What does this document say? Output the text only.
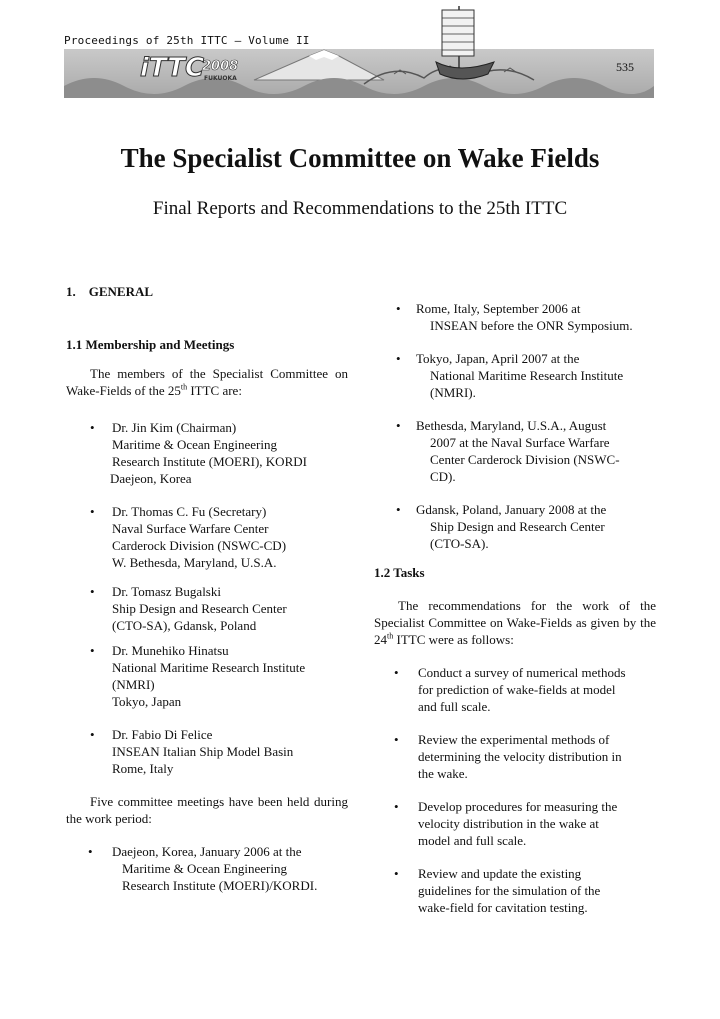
Proceedings of 25th ITTC – Volume II
iTTC
2008
FUKUOKA
535
The Specialist Committee on Wake Fields
Final Reports and Recommendations to the 25th ITTC
1.    GENERAL
1.1 Membership and Meetings
The members of the Specialist Committee on Wake-Fields of the 25th ITTC are:
• Dr. Jin Kim (Chairman)
Maritime & Ocean Engineering
Research Institute (MOERI), KORDI
Daejeon, Korea
• Dr. Thomas C. Fu (Secretary)
Naval Surface Warfare Center
Carderock Division (NSWC-CD)
W. Bethesda, Maryland, U.S.A.
• Dr. Tomasz Bugalski
Ship Design and Research Center
(CTO-SA), Gdansk, Poland
• Dr. Munehiko Hinatsu
National Maritime Research Institute
(NMRI)
Tokyo, Japan
• Dr. Fabio Di Felice
INSEAN Italian Ship Model Basin
Rome, Italy
Five committee meetings have been held during the work period:
• Daejeon, Korea, January 2006 at the
Maritime & Ocean Engineering
Research Institute (MOERI)/KORDI.
• Rome, Italy, September 2006 at
INSEAN before the ONR Symposium.
• Tokyo, Japan, April 2007 at the
National Maritime Research Institute
(NMRI).
• Bethesda, Maryland, U.S.A., August
2007 at the Naval Surface Warfare
Center Carderock Division (NSWC-
CD).
• Gdansk, Poland, January 2008 at the
Ship Design and Research Center
(CTO-SA).
1.2 Tasks
The recommendations for the work of the Specialist Committee on Wake-Fields as given by the 24th ITTC were as follows:
• Conduct a survey of numerical methods
for prediction of wake-fields at model
and full scale.
• Review the experimental methods of
determining the velocity distribution in
the wake.
• Develop procedures for measuring the
velocity distribution in the wake at
model and full scale.
• Review and update the existing
guidelines for the simulation of the
wake-field for cavitation testing.
